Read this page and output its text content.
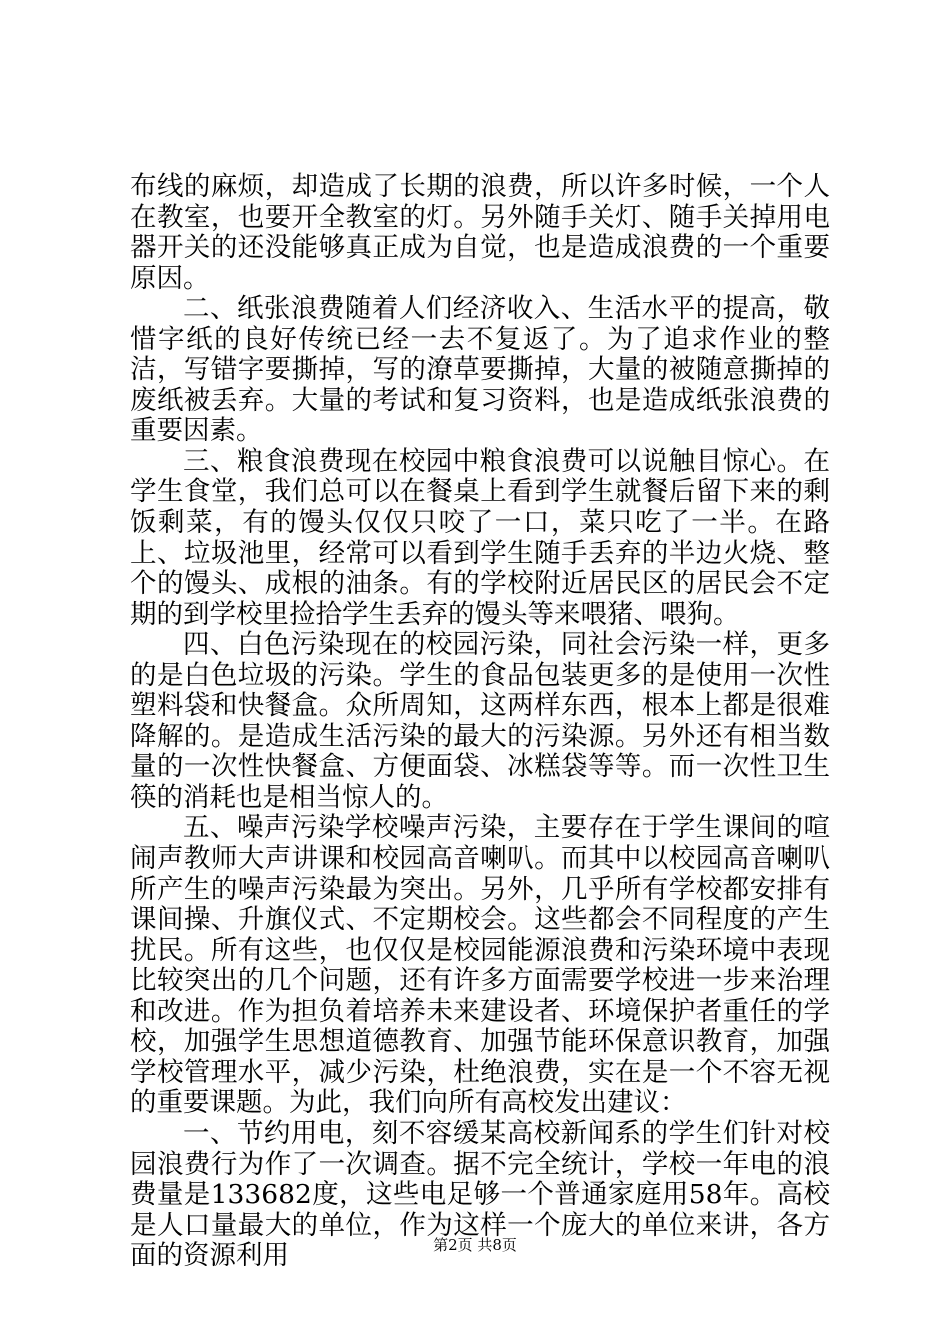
布线的麻烦，却造成了长期的浪费，所以许多时候，一个人在教室，也要开全教室的灯。另外随手关灯、随手关掉用电器开关的还没能够真正成为自觉，也是造成浪费的一个重要原因。

二、纸张浪费随着人们经济收入、生活水平的提高，敬惜字纸的良好传统已经一去不复返了。为了追求作业的整洁，写错字要撕掉，写的潦草要撕掉，大量的被随意撕掉的废纸被丢弃。大量的考试和复习资料，也是造成纸张浪费的重要因素。

三、粮食浪费现在校园中粮食浪费可以说触目惊心。在学生食堂，我们总可以在餐桌上看到学生就餐后留下来的剩饭剩菜，有的馒头仅仅只咬了一口，菜只吃了一半。在路上、垃圾池里，经常可以看到学生随手丢弃的半边火烧、整个的馒头、成根的油条。有的学校附近居民区的居民会不定期的到学校里捡拾学生丢弃的馒头等来喂猪、喂狗。

四、白色污染现在的校园污染，同社会污染一样，更多的是白色垃圾的污染。学生的食品包装更多的是使用一次性塑料袋和快餐盒。众所周知，这两样东西，根本上都是很难降解的。是造成生活污染的最大的污染源。另外还有相当数量的一次性快餐盒、方便面袋、冰糕袋等等。而一次性卫生筷的消耗也是相当惊人的。

五、噪声污染学校噪声污染，主要存在于学生课间的喧闹声教师大声讲课和校园高音喇叭。而其中以校园高音喇叭所产生的噪声污染最为突出。另外，几乎所有学校都安排有课间操、升旗仪式、不定期校会。这些都会不同程度的产生扰民。所有这些，也仅仅是校园能源浪费和污染环境中表现比较突出的几个问题，还有许多方面需要学校进一步来治理和改进。作为担负着培养未来建设者、环境保护者重任的学校，加强学生思想道德教育、加强节能环保意识教育，加强学校管理水平，减少污染，杜绝浪费，实在是一个不容无视的重要课题。为此，我们向所有高校发出建议：

一、节约用电，刻不容缓某高校新闻系的学生们针对校园浪费行为作了一次调查。据不完全统计，学校一年电的浪费量是133682度，这些电足够一个普通家庭用58年。高校是人口量最大的单位，作为这样一个庞大的单位来讲，各方面的资源利用	第2页 共8页
